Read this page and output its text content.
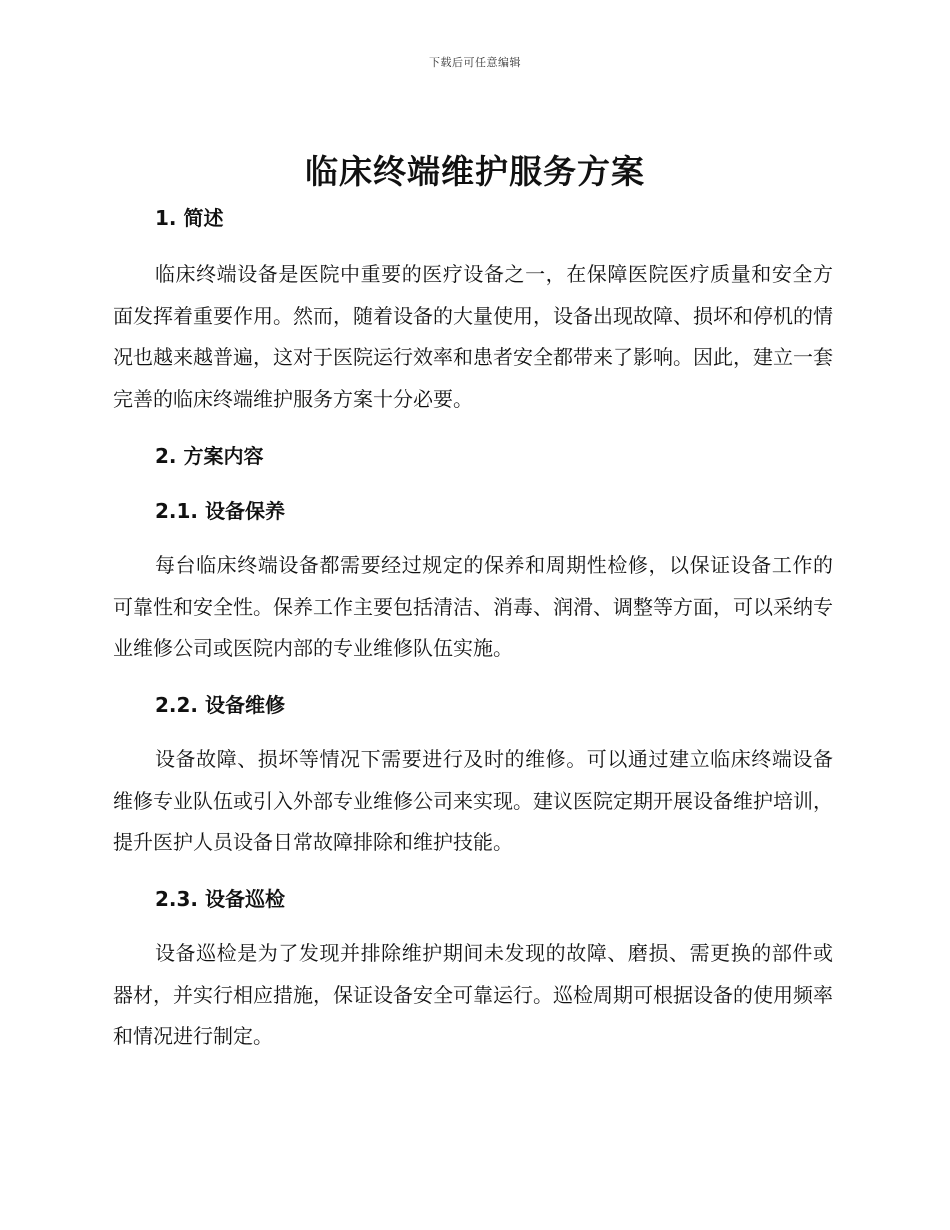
下载后可任意编辑
临床终端维护服务方案
1. 简述

临床终端设备是医院中重要的医疗设备之一，在保障医院医疗质量和安全方面发挥着重要作用。然而，随着设备的大量使用，设备出现故障、损坏和停机的情况也越来越普遍，这对于医院运行效率和患者安全都带来了影响。因此，建立一套完善的临床终端维护服务方案十分必要。

2. 方案内容
2.1. 设备保养

每台临床终端设备都需要经过规定的保养和周期性检修，以保证设备工作的可靠性和安全性。保养工作主要包括清洁、消毒、润滑、调整等方面，可以采纳专业维修公司或医院内部的专业维修队伍实施。

2.2. 设备维修

设备故障、损坏等情况下需要进行及时的维修。可以通过建立临床终端设备维修专业队伍或引入外部专业维修公司来实现。建议医院定期开展设备维护培训，提升医护人员设备日常故障排除和维护技能。

2.3. 设备巡检

设备巡检是为了发现并排除维护期间未发现的故障、磨损、需更换的部件或器材，并实行相应措施，保证设备安全可靠运行。巡检周期可根据设备的使用频率和情况进行制定。
